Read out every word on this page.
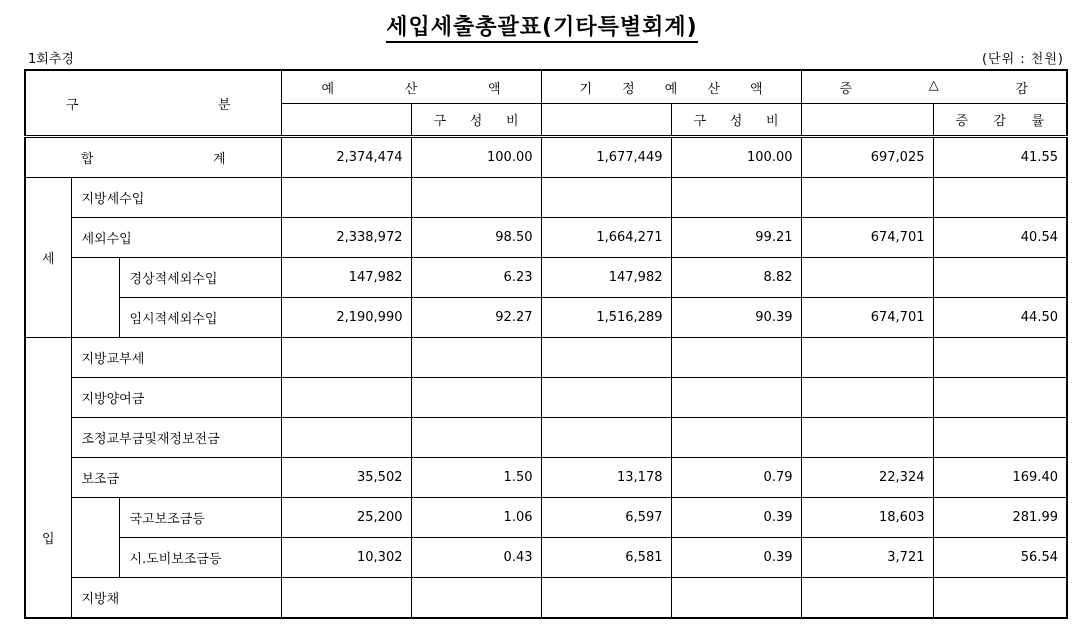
세입세출총괄표(기타특별회계)
1회추경	(단위 : 천원)
구 분			예 산 액		기 정 예 산 액		증 △ 감	

				구 성 비		구 성 비		증 감 률

합 계			2,374,474	100.00	1,677,449	100.00	697,025	41.55
세	지방세수입							
	세외수입		2,338,972	98.50	1,664,271	99.21	674,701	40.54
		경상적세외수입	147,982	6.23	147,982	8.82		
		임시적세외수입	2,190,990	92.27	1,516,289	90.39	674,701	44.50

입	지방교부세							
	지방양여금							
	조정교부금및재정보전금							
	보조금		35,502	1.50	13,178	0.79	22,324	169.40
		국고보조금등	25,200	1.06	6,597	0.39	18,603	281.99
		시.도비보조금등	10,302	0.43	6,581	0.39	3,721	56.54
	지방채							
